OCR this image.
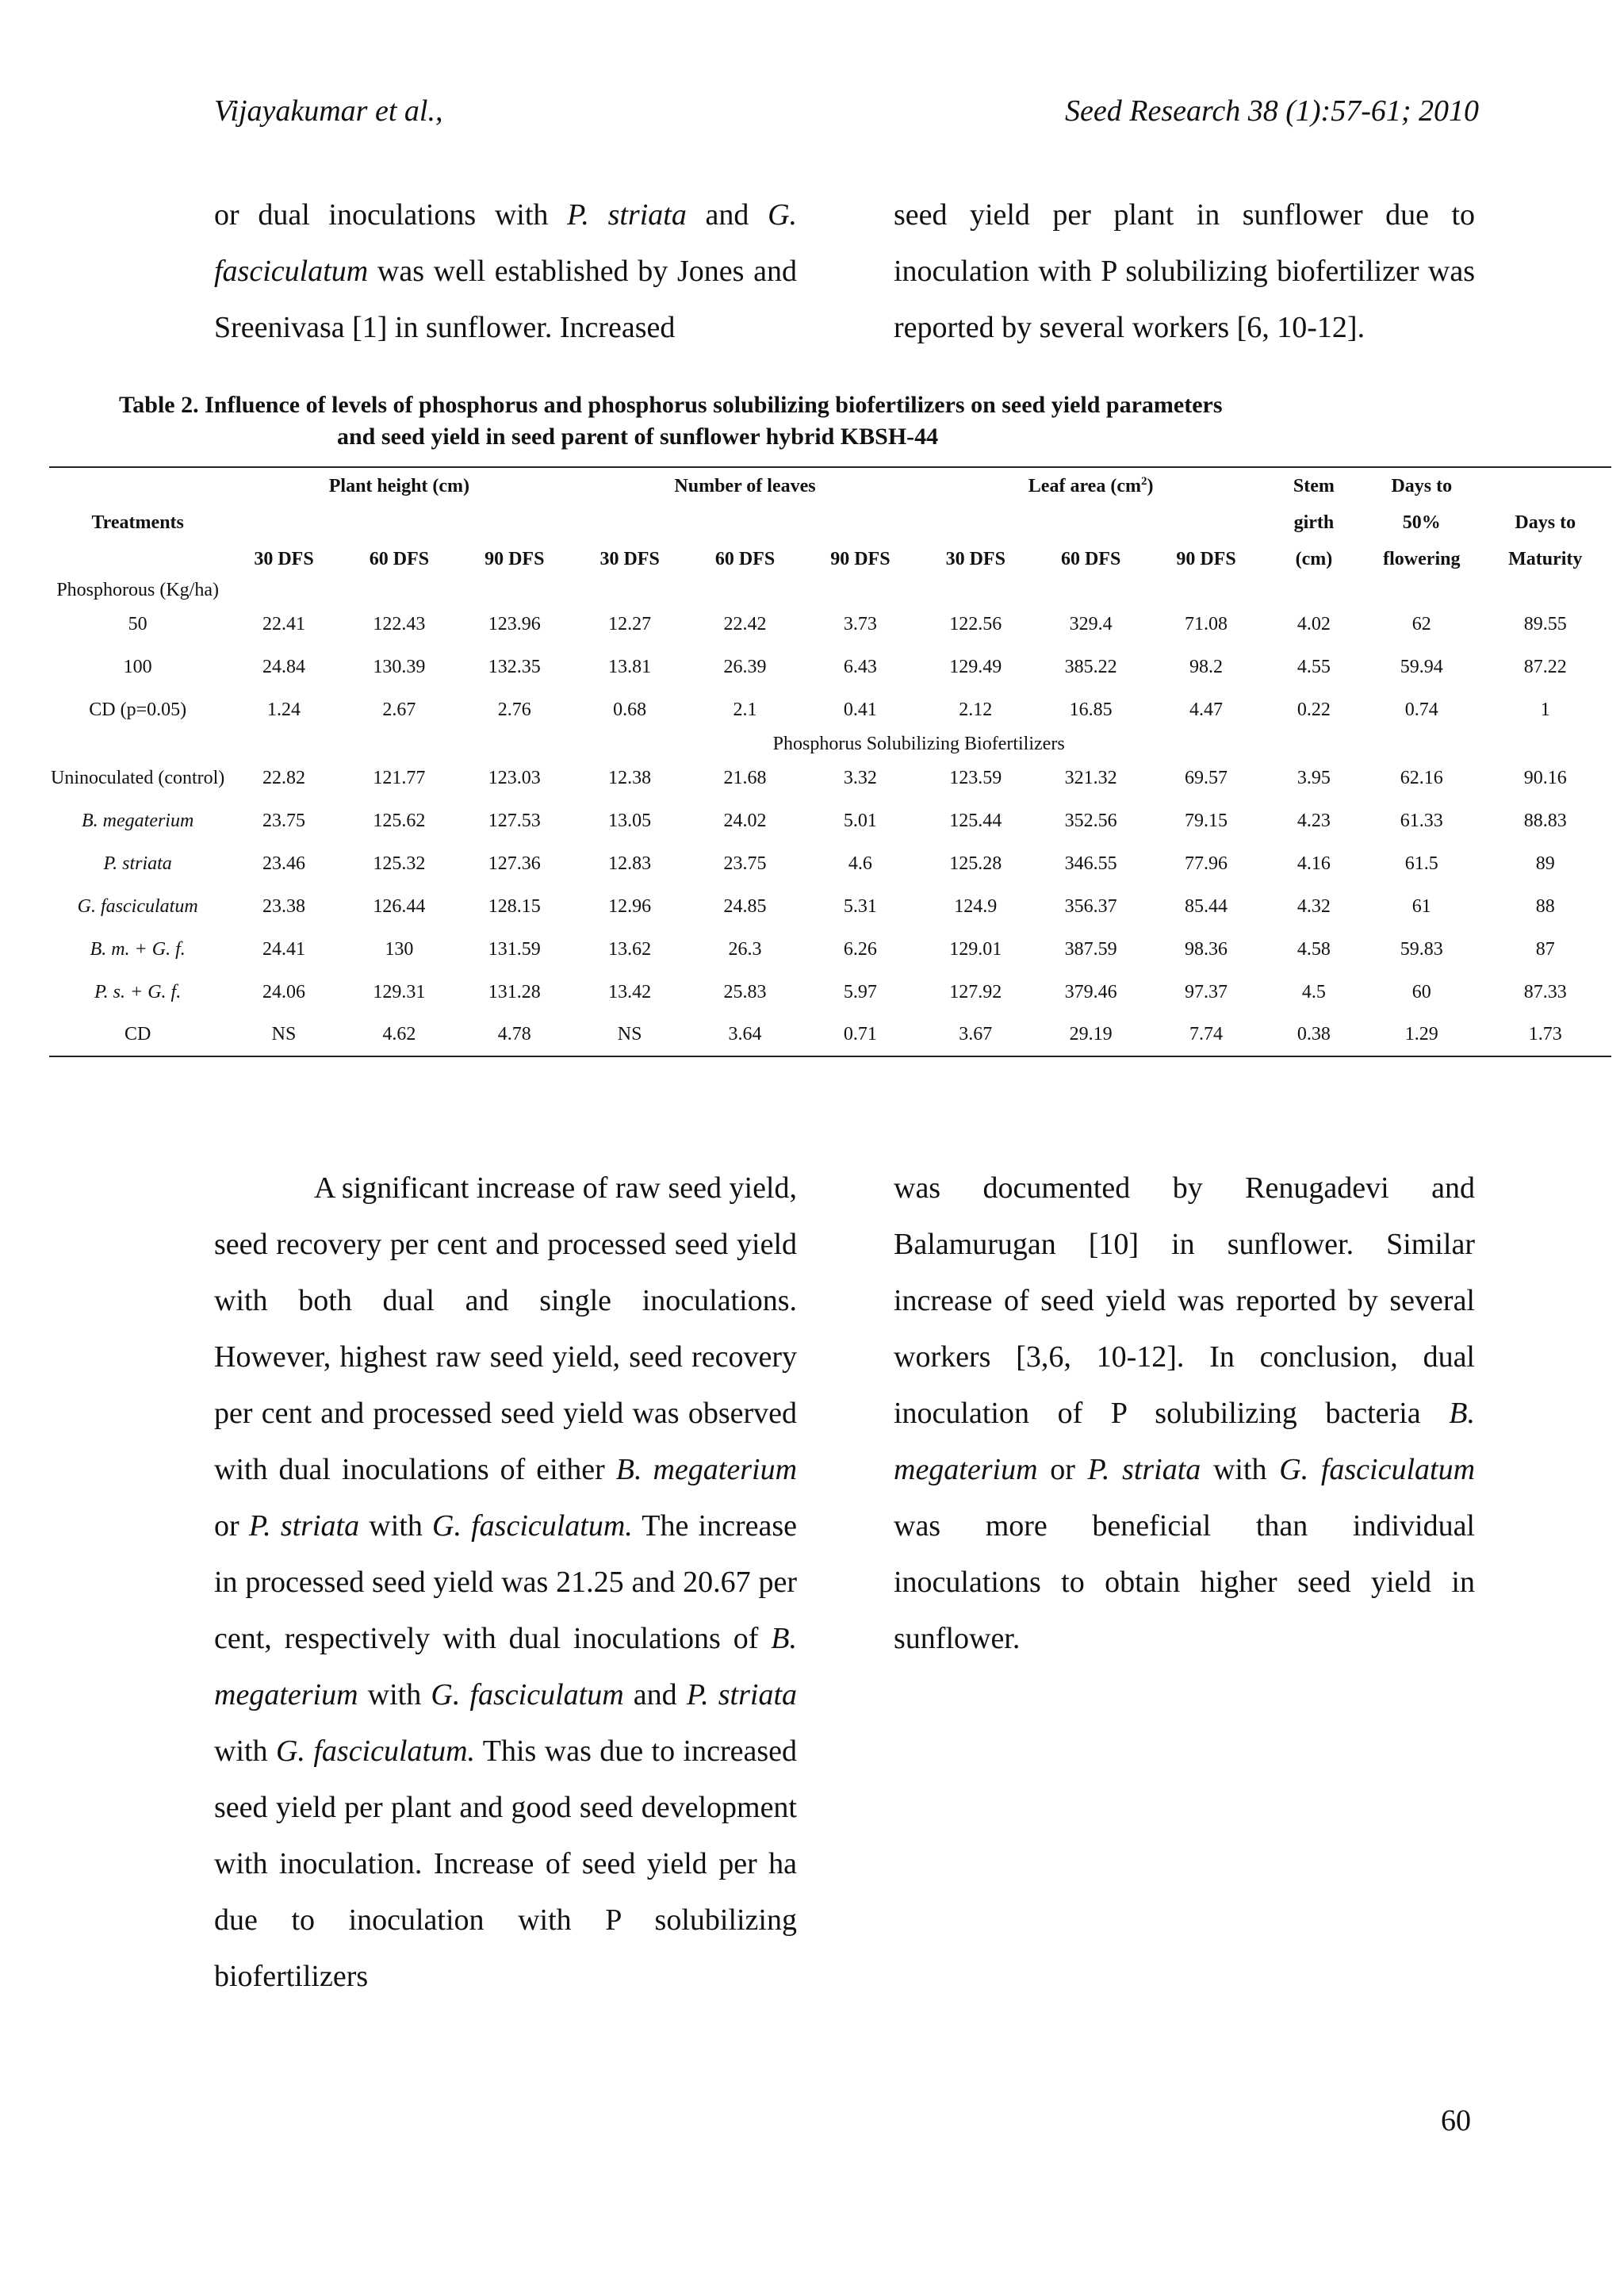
Vijayakumar et al.,	Seed Research 38 (1):57-61; 2010

or dual inoculations with P. striata and G. fasciculatum was well established by Jones and Sreenivasa [1] in sunflower. Increased

seed yield per plant in sunflower due to inoculation with P solubilizing biofertilizer was reported by several workers [6, 10-12].

Table 2. Influence of levels of phosphorus and phosphorus solubilizing biofertilizers on seed yield parameters
and seed yield in seed parent of sunflower hybrid KBSH-44
	Plant height (cm)			Number of leaves			Leaf area $(cm^2)$			Stem	Days to	
Treatments										girth	50%	Days to
	30 DFS	60 DFS	90 DFS	30 DFS	60 DFS	90 DFS	30 DFS	60 DFS	90 DFS	(cm)	flowering	Maturity
Phosphorous (Kg/ha)												
50	22.41	122.43	123.96	12.27	22.42	3.73	122.56	329.4	71.08	4.02	62	89.55
100	24.84	130.39	132.35	13.81	26.39	6.43	129.49	385.22	98.2	4.55	59.94	87.22
CD (p=0.05)	1.24	2.67	2.76	0.68	2.1	0.41	2.12	16.85	4.47	0.22	0.74	1
	Phosphorus Solubilizing Biofertilizers											
Uninoculated (control)	22.82	121.77	123.03	12.38	21.68	3.32	123.59	321.32	69.57	3.95	62.16	90.16
B. megaterium	23.75	125.62	127.53	13.05	24.02	5.01	125.44	352.56	79.15	4.23	61.33	88.83
P. striata	23.46	125.32	127.36	12.83	23.75	4.6	125.28	346.55	77.96	4.16	61.5	89
G. fasciculatum	23.38	126.44	128.15	12.96	24.85	5.31	124.9	356.37	85.44	4.32	61	88
B. m. + G. f.	24.41	130	131.59	13.62	26.3	6.26	129.01	387.59	98.36	4.58	59.83	87
P. s. + G. f.	24.06	129.31	131.28	13.42	25.83	5.97	127.92	379.46	97.37	4.5	60	87.33
CD	NS	4.62	4.78	NS	3.64	0.71	3.67	29.19	7.74	0.38	1.29	1.73

A significant increase of raw seed yield, seed recovery per cent and processed seed yield with both dual and single inoculations. However, highest raw seed yield, seed recovery per cent and processed seed yield was observed with dual inoculations of either B. megaterium or P. striata with G. fasciculatum. The increase in processed seed yield was 21.25 and 20.67 per cent, respectively with dual inoculations of B. megaterium with G. fasciculatum and P. striata with G. fasciculatum. This was due to increased seed yield per plant and good seed development with inoculation. Increase of seed yield per ha due to inoculation with P solubilizing biofertilizers

was documented by Renugadevi and Balamurugan [10] in sunflower. Similar increase of seed yield was reported by several workers [3,6, 10-12]. In conclusion, dual inoculation of P solubilizing bacteria B. megaterium or P. striata with G. fasciculatum was more beneficial than individual inoculations to obtain higher seed yield in sunflower.

60
